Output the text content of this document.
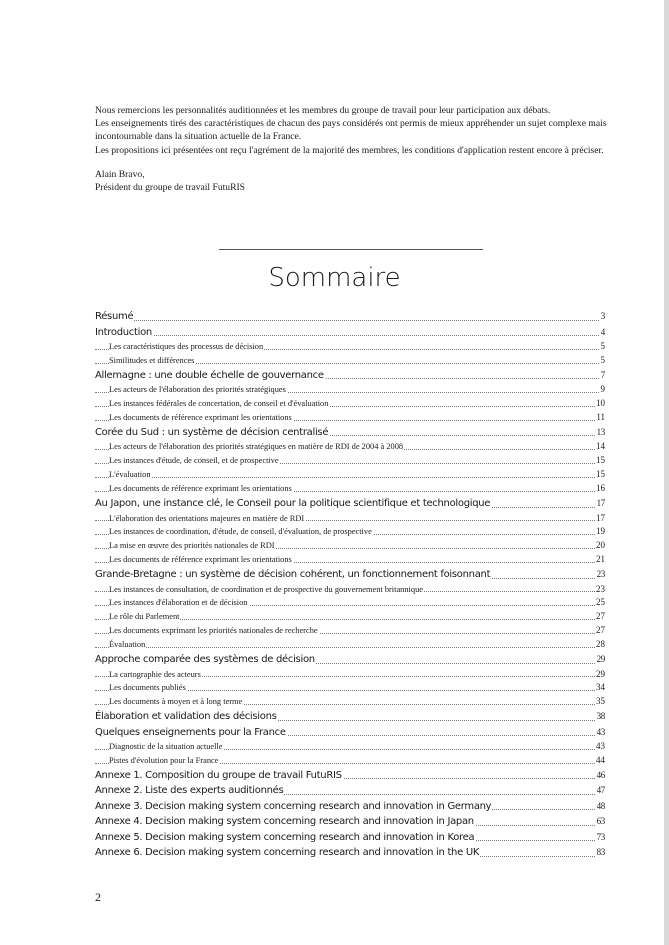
Nous remercions les personnalités auditionnées et les membres du groupe de travail pour leur participation aux débats.

Les enseignements tirés des caractéristiques de chacun des pays considérés ont permis de mieux appréhender un sujet complexe mais incontournable dans la situation actuelle de la France.

Les propositions ici présentées ont reçu l'agrément de la majorité des membres, les conditions d'application restent encore à préciser.

Alain Bravo,

Président du groupe de travail FutuRIS

Sommaire
Résumé	3
Introduction	4
Les caractéristiques des processus de décision	5
Similitudes et différences	5
Allemagne : une double échelle de gouvernance	7
Les acteurs de l'élaboration des priorités stratégiques	9
Les instances fédérales de concertation, de conseil et d'évaluation	10
Les documents de référence exprimant les orientations	11
Corée du Sud : un système de décision centralisé	13
Les acteurs de l'élaboration des priorités stratégiques en matière de RDI de 2004 à 2008	14
Les instances d'étude, de conseil, et de prospective	15
L'évaluation	15
Les documents de référence exprimant les orientations	16
Au Japon, une instance clé, le Conseil pour la politique scientifique et technologique	17
L'élaboration des orientations majeures en matière de RDI	17
Les instances de coordination, d'étude, de conseil, d'évaluation, de prospective	19
La mise en œuvre des priorités nationales de RDI	20
Les documents de référence exprimant les orientations	21
Grande-Bretagne : un système de décision cohérent, un fonctionnement foisonnant	23
Les instances de consultation, de coordination et de prospective du gouvernement britannique	23
Les instances d'élaboration et de décision	25
Le rôle du Parlement	27
Les documents exprimant les priorités nationales de recherche	27
Évaluation	28
Approche comparée des systèmes de décision	29
La cartographie des acteurs	29
Les documents publiés	34
Les documents à moyen et à long terme	35
Élaboration et validation des décisions	38
Quelques enseignements pour la France	43
Diagnostic de la situation actuelle	43
Pistes d'évolution pour la France	44
Annexe 1. Composition du groupe de travail FutuRIS	46
Annexe 2. Liste des experts auditionnés	47
Annexe 3. Decision making system concerning research and innovation in Germany	48
Annexe 4. Decision making system concerning research and innovation in Japan	63
Annexe 5. Decision making system concerning research and innovation in Korea	73
Annexe 6. Decision making system concerning research and innovation in the UK	83
2
